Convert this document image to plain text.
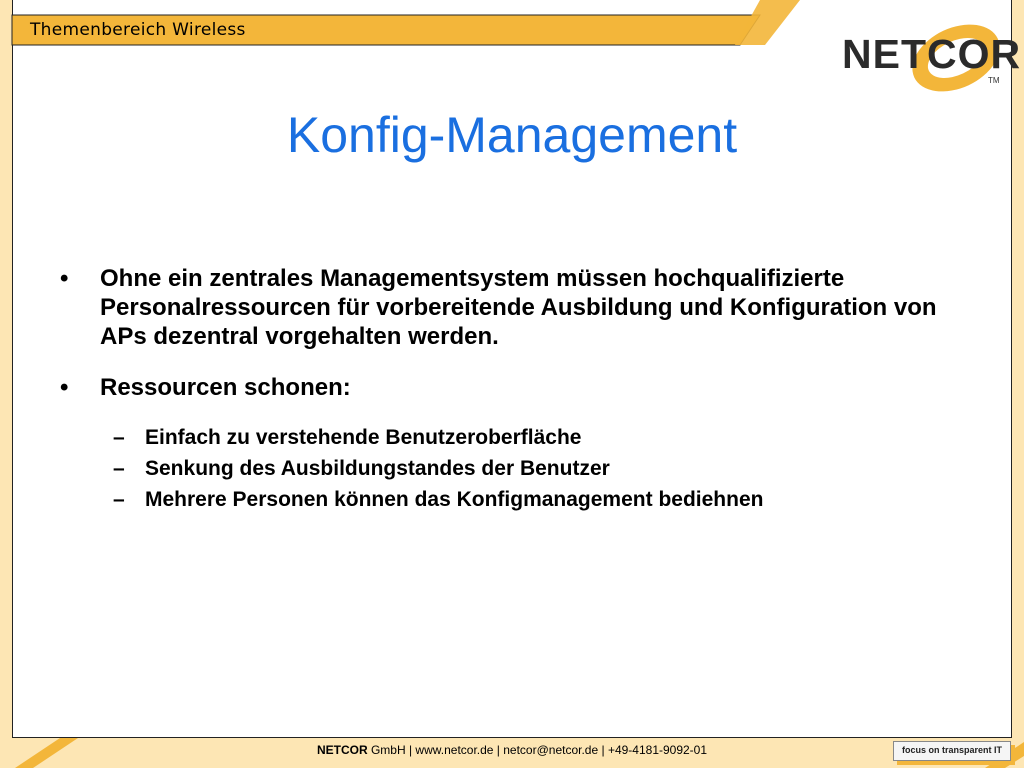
Themenbereich Wireless
NETCOR
TM
Konfig-Management
• Ohne ein zentrales Managementsystem müssen hochqualifizierte Personalressourcen für vorbereitende Ausbildung und Konfiguration von APs dezentral vorgehalten werden.
• Ressourcen schonen:
– Einfach zu verstehende Benutzeroberfläche
– Senkung des Ausbildungstandes der Benutzer
– Mehrere Personen können das Konfigmanagement bediehnen
NETCOR GmbH | www.netcor.de | netcor@netcor.de | +49-4181-9092-01	focus on transparent IT
